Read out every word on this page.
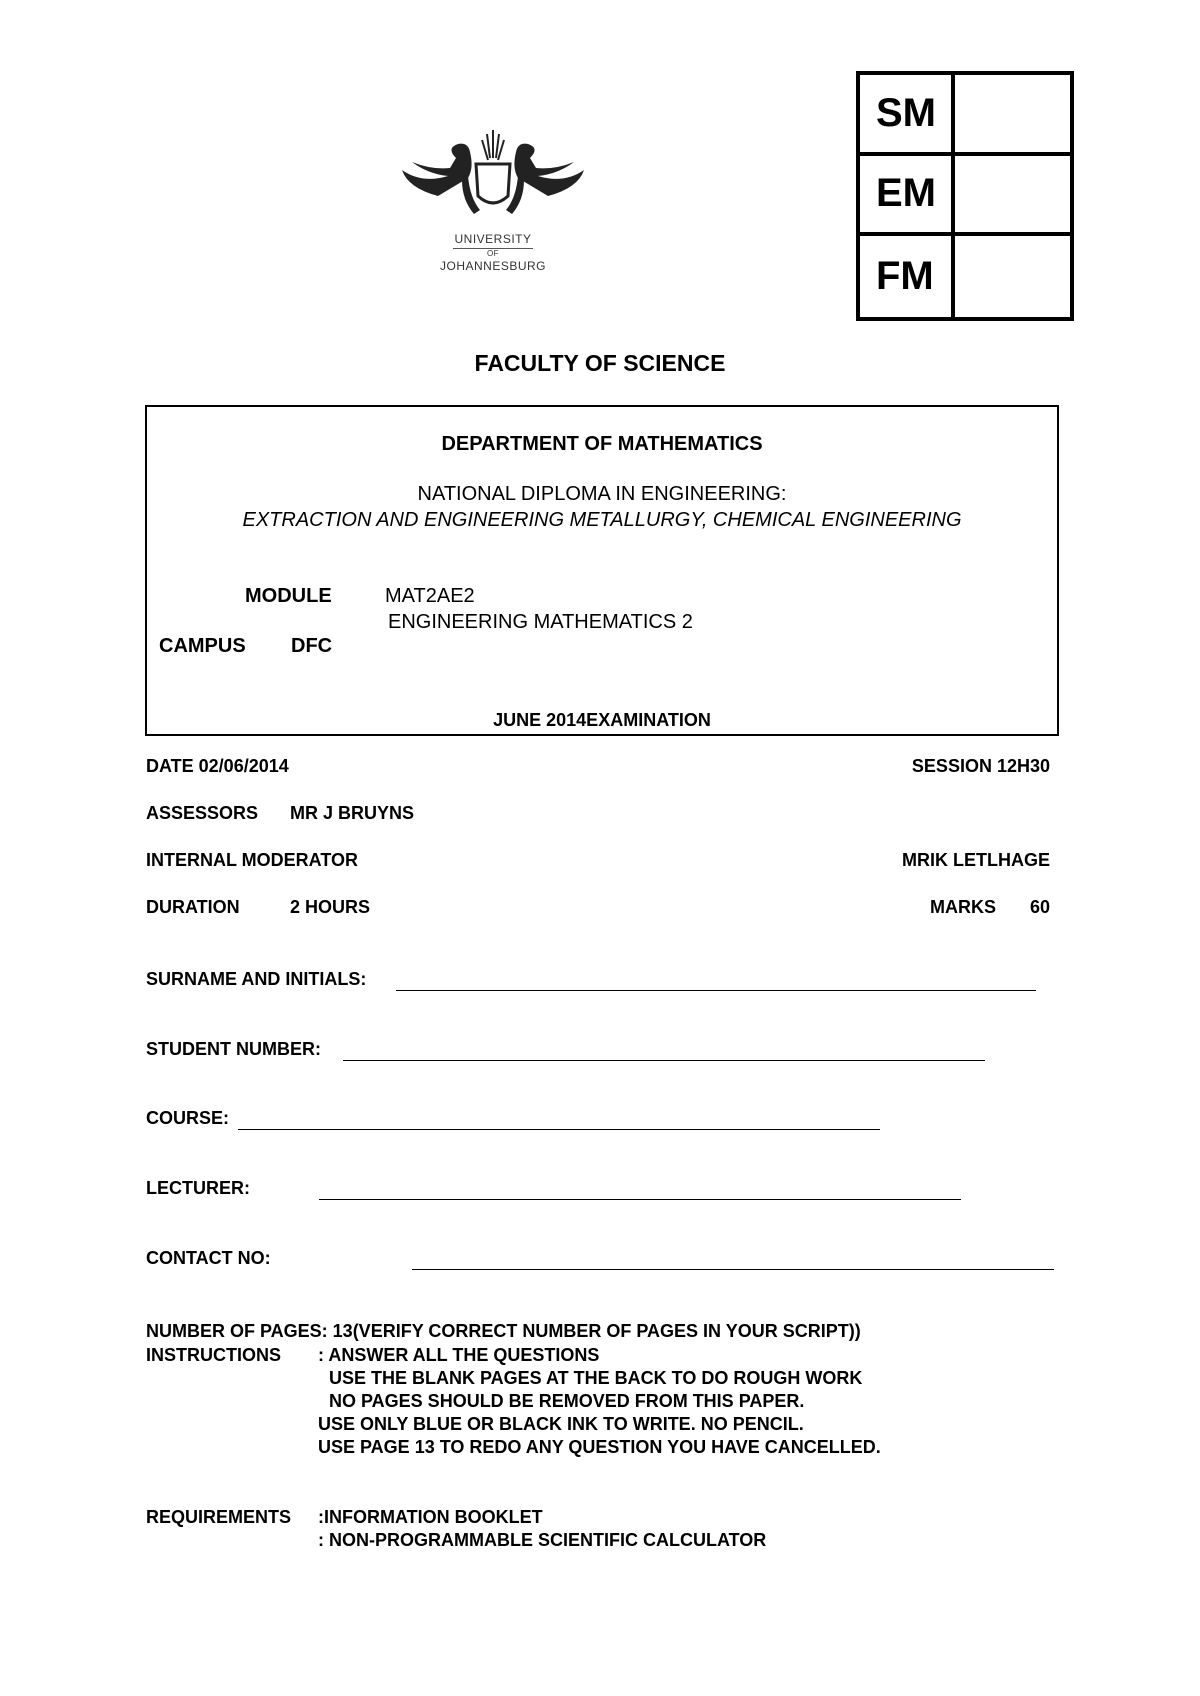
UNIVERSITY
OF
JOHANNESBURG
SM
EM
FM
FACULTY OF SCIENCE
DEPARTMENT OF MATHEMATICS
NATIONAL DIPLOMA IN ENGINEERING:
EXTRACTION AND ENGINEERING METALLURGY, CHEMICAL ENGINEERING
MODULE	MAT2AE2
ENGINEERING MATHEMATICS 2
CAMPUS DFC
JUNE 2014EXAMINATION
DATE 02/06/2014	SESSION 12H30
ASSESSORS MR J BRUYNS
INTERNAL MODERATOR	MRIK LETLHAGE
DURATION	2 HOURS	MARKS 60
SURNAME AND INITIALS:
STUDENT NUMBER:
COURSE:
LECTURER:
CONTACT NO:
NUMBER OF PAGES: 13(VERIFY CORRECT NUMBER OF PAGES IN YOUR SCRIPT))
INSTRUCTIONS : ANSWER ALL THE QUESTIONS
USE THE BLANK PAGES AT THE BACK TO DO ROUGH WORK
NO PAGES SHOULD BE REMOVED FROM THIS PAPER.
USE ONLY BLUE OR BLACK INK TO WRITE. NO PENCIL.
USE PAGE 13 TO REDO ANY QUESTION YOU HAVE CANCELLED.
REQUIREMENTS :INFORMATION BOOKLET
: NON-PROGRAMMABLE SCIENTIFIC CALCULATOR
